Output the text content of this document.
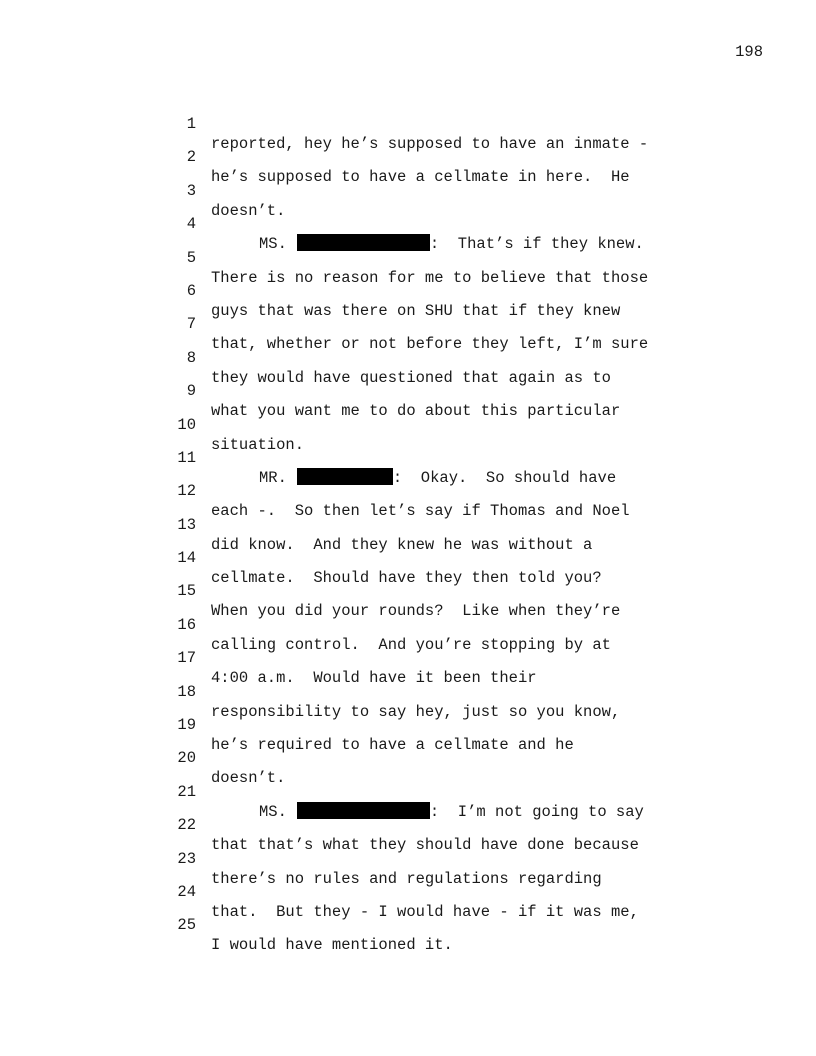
198

1

reported, hey he’s supposed to have an inmate -

2

he’s supposed to have a cellmate in here.  He

3

doesn’t.

4

MS.	:  That’s if they knew.

5

There is no reason for me to believe that those

6

guys that was there on SHU that if they knew

7

that, whether or not before they left, I’m sure

8

they would have questioned that again as to

9

what you want me to do about this particular

10

situation.

11

MR.	:  Okay.  So should have

12

each -.  So then let’s say if Thomas and Noel

13

did know.  And they knew he was without a

14

cellmate.  Should have they then told you?

15

When you did your rounds?  Like when they’re

16

calling control.  And you’re stopping by at

17

4:00 a.m.  Would have it been their

18

responsibility to say hey, just so you know,

19

he’s required to have a cellmate and he

20

doesn’t.

21

MS.	:  I’m not going to say

22

that that’s what they should have done because

23

there’s no rules and regulations regarding

24

that.  But they - I would have - if it was me,

25

I would have mentioned it.
